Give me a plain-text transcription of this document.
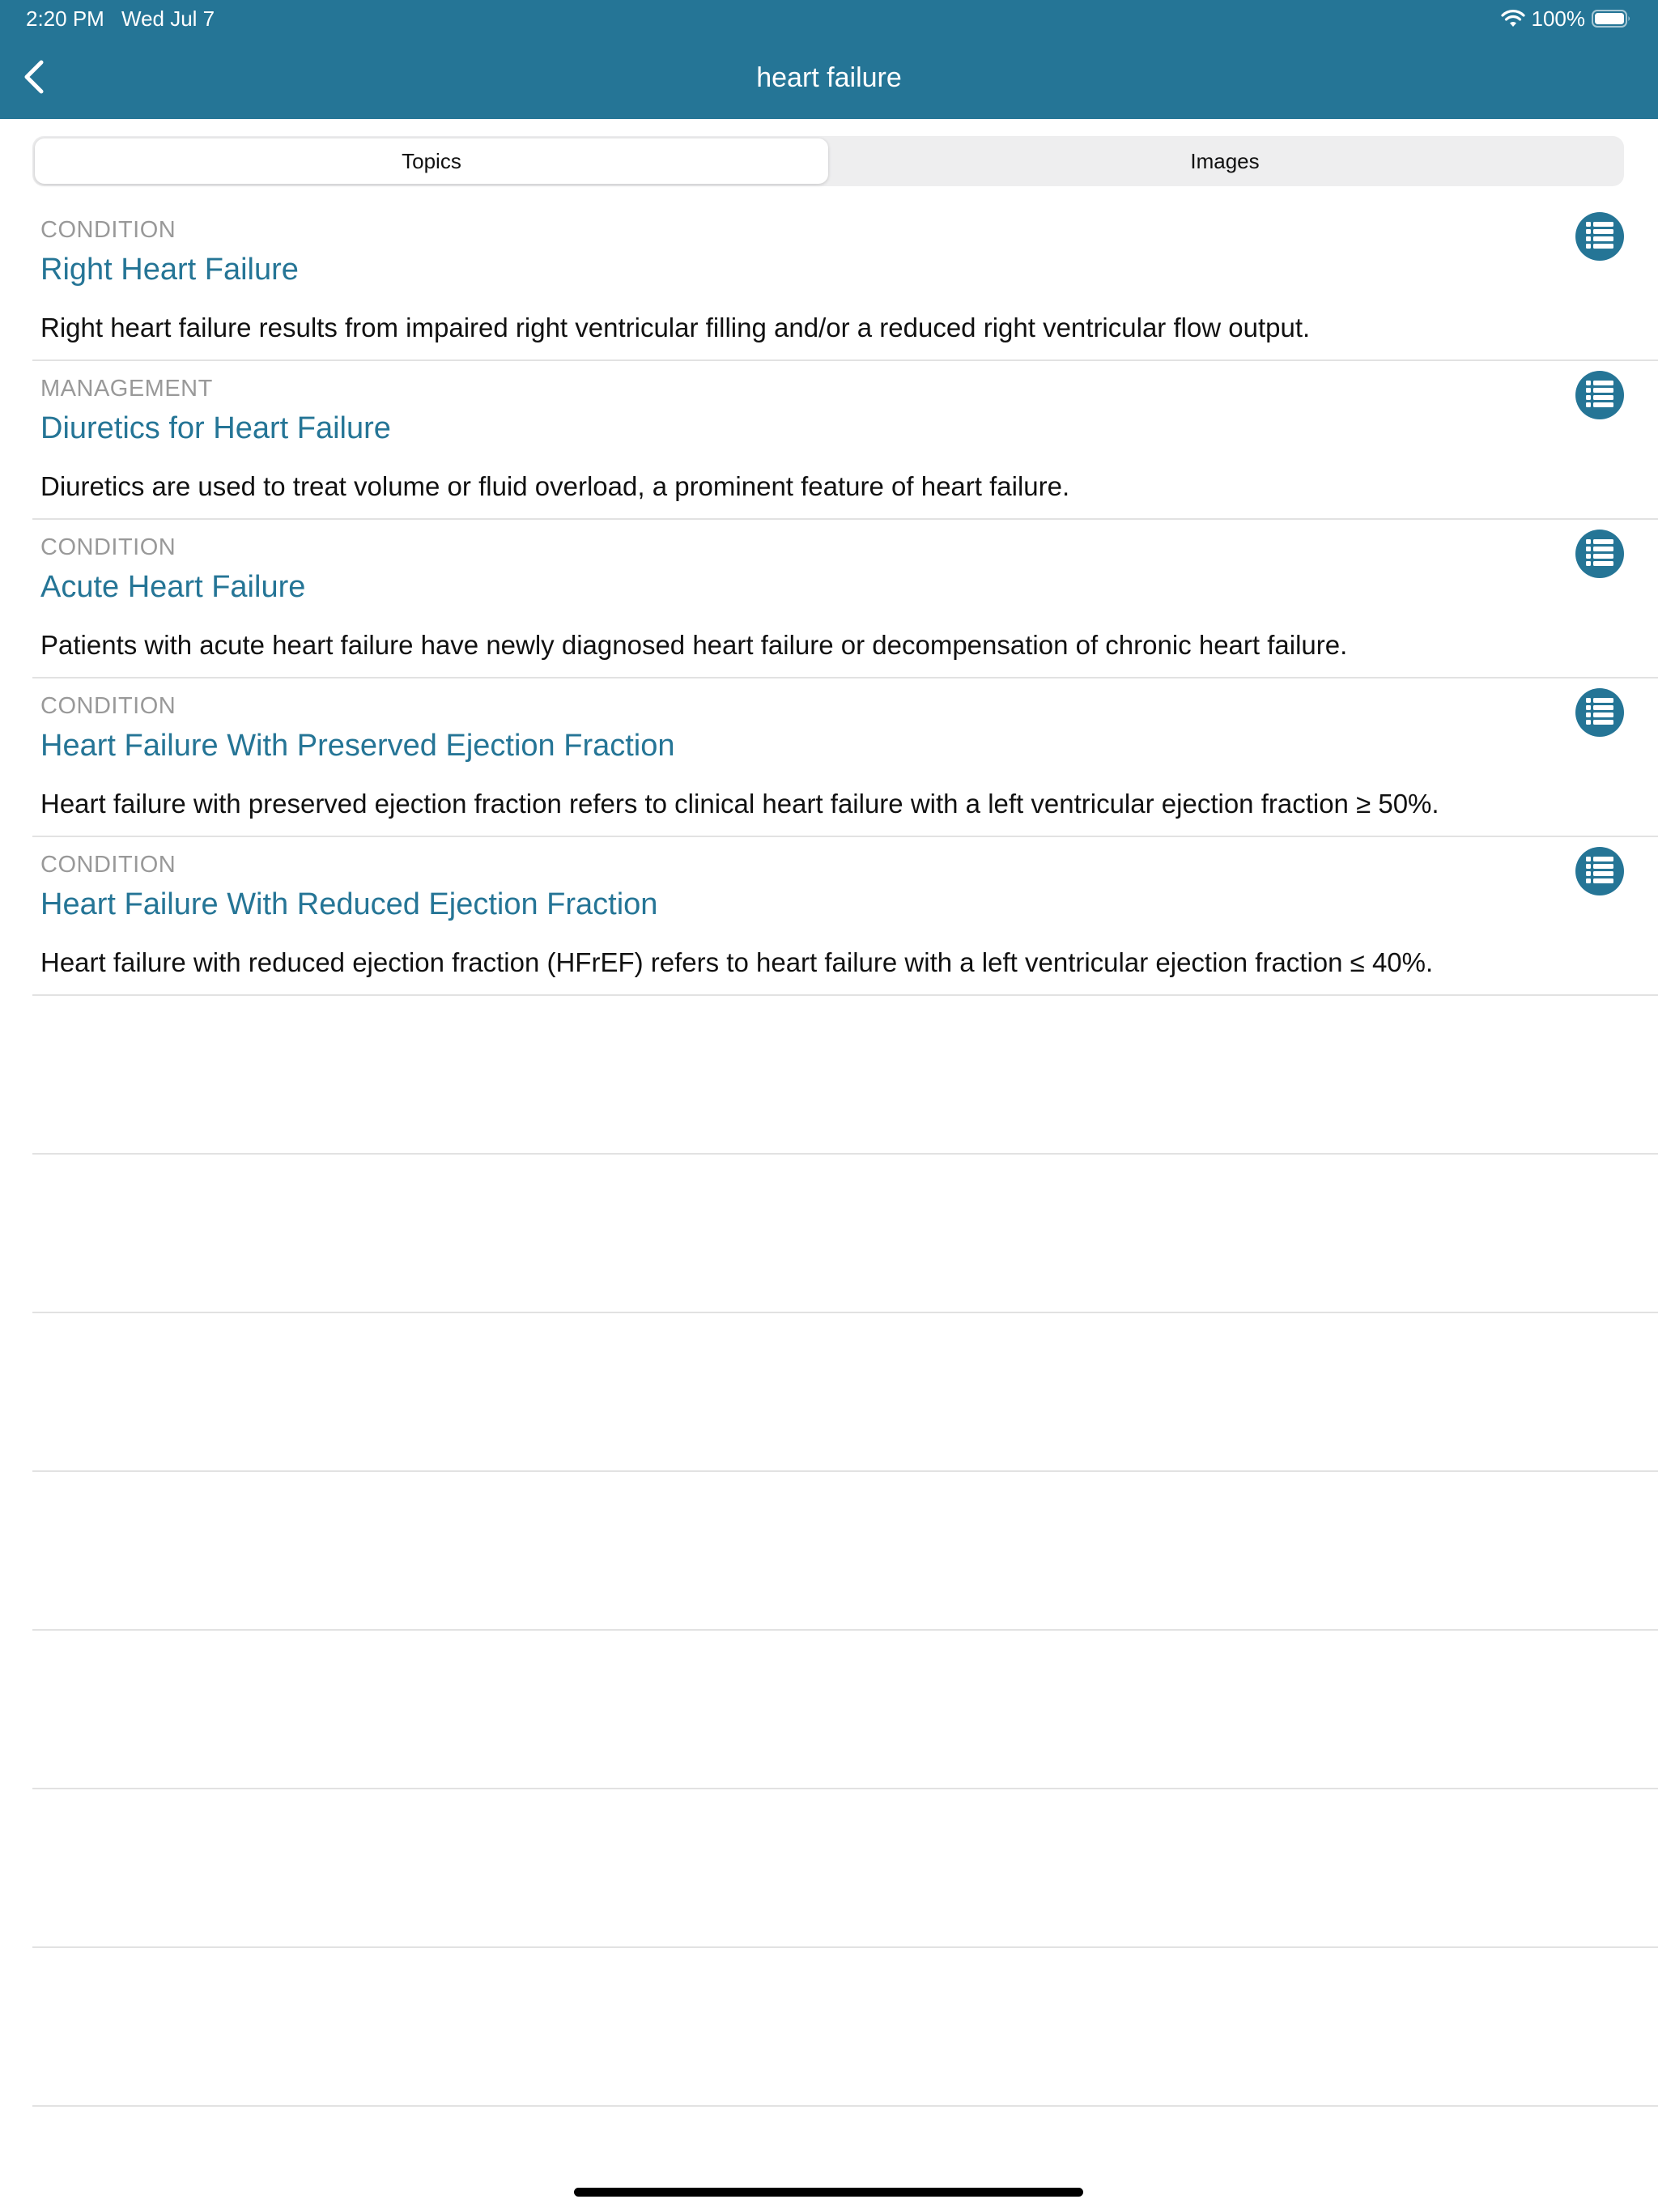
2:20 PM Wed Jul 7	100%
heart failure
Topics	Images
CONDITION
Right Heart Failure
Right heart failure results from impaired right ventricular filling and/or a reduced right ventricular flow output.
MANAGEMENT
Diuretics for Heart Failure
Diuretics are used to treat volume or fluid overload, a prominent feature of heart failure.
CONDITION
Acute Heart Failure
Patients with acute heart failure have newly diagnosed heart failure or decompensation of chronic heart failure.
CONDITION
Heart Failure With Preserved Ejection Fraction
Heart failure with preserved ejection fraction refers to clinical heart failure with a left ventricular ejection fraction ≥ 50%.
CONDITION
Heart Failure With Reduced Ejection Fraction
Heart failure with reduced ejection fraction (HFrEF) refers to heart failure with a left ventricular ejection fraction ≤ 40%.
